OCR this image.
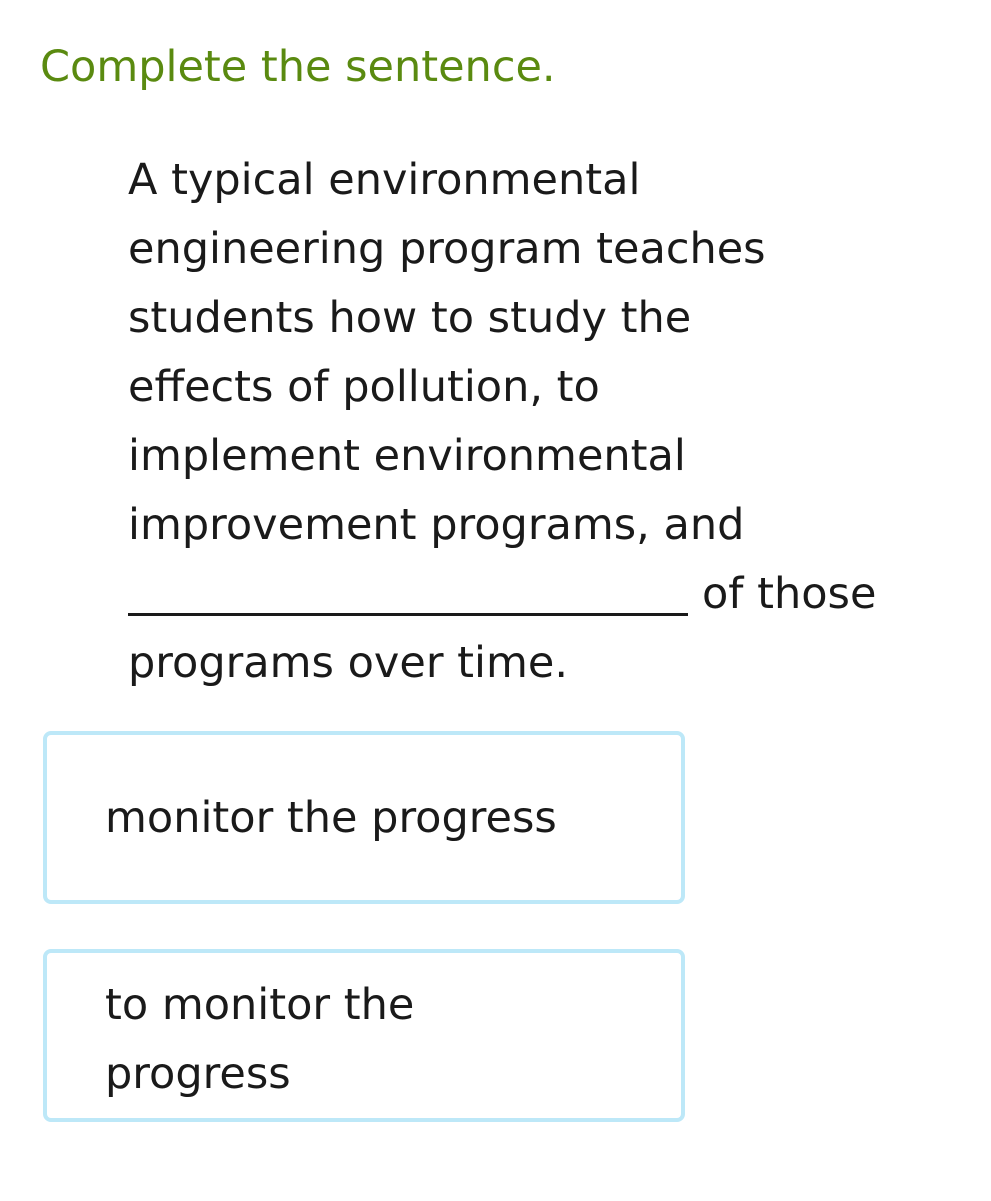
Complete the sentence.
A typical environmental
engineering program teaches
students how to study the
effects of pollution, to
implement environmental
improvement programs, and
of those
programs over time.
monitor the progress
to monitor the progress
